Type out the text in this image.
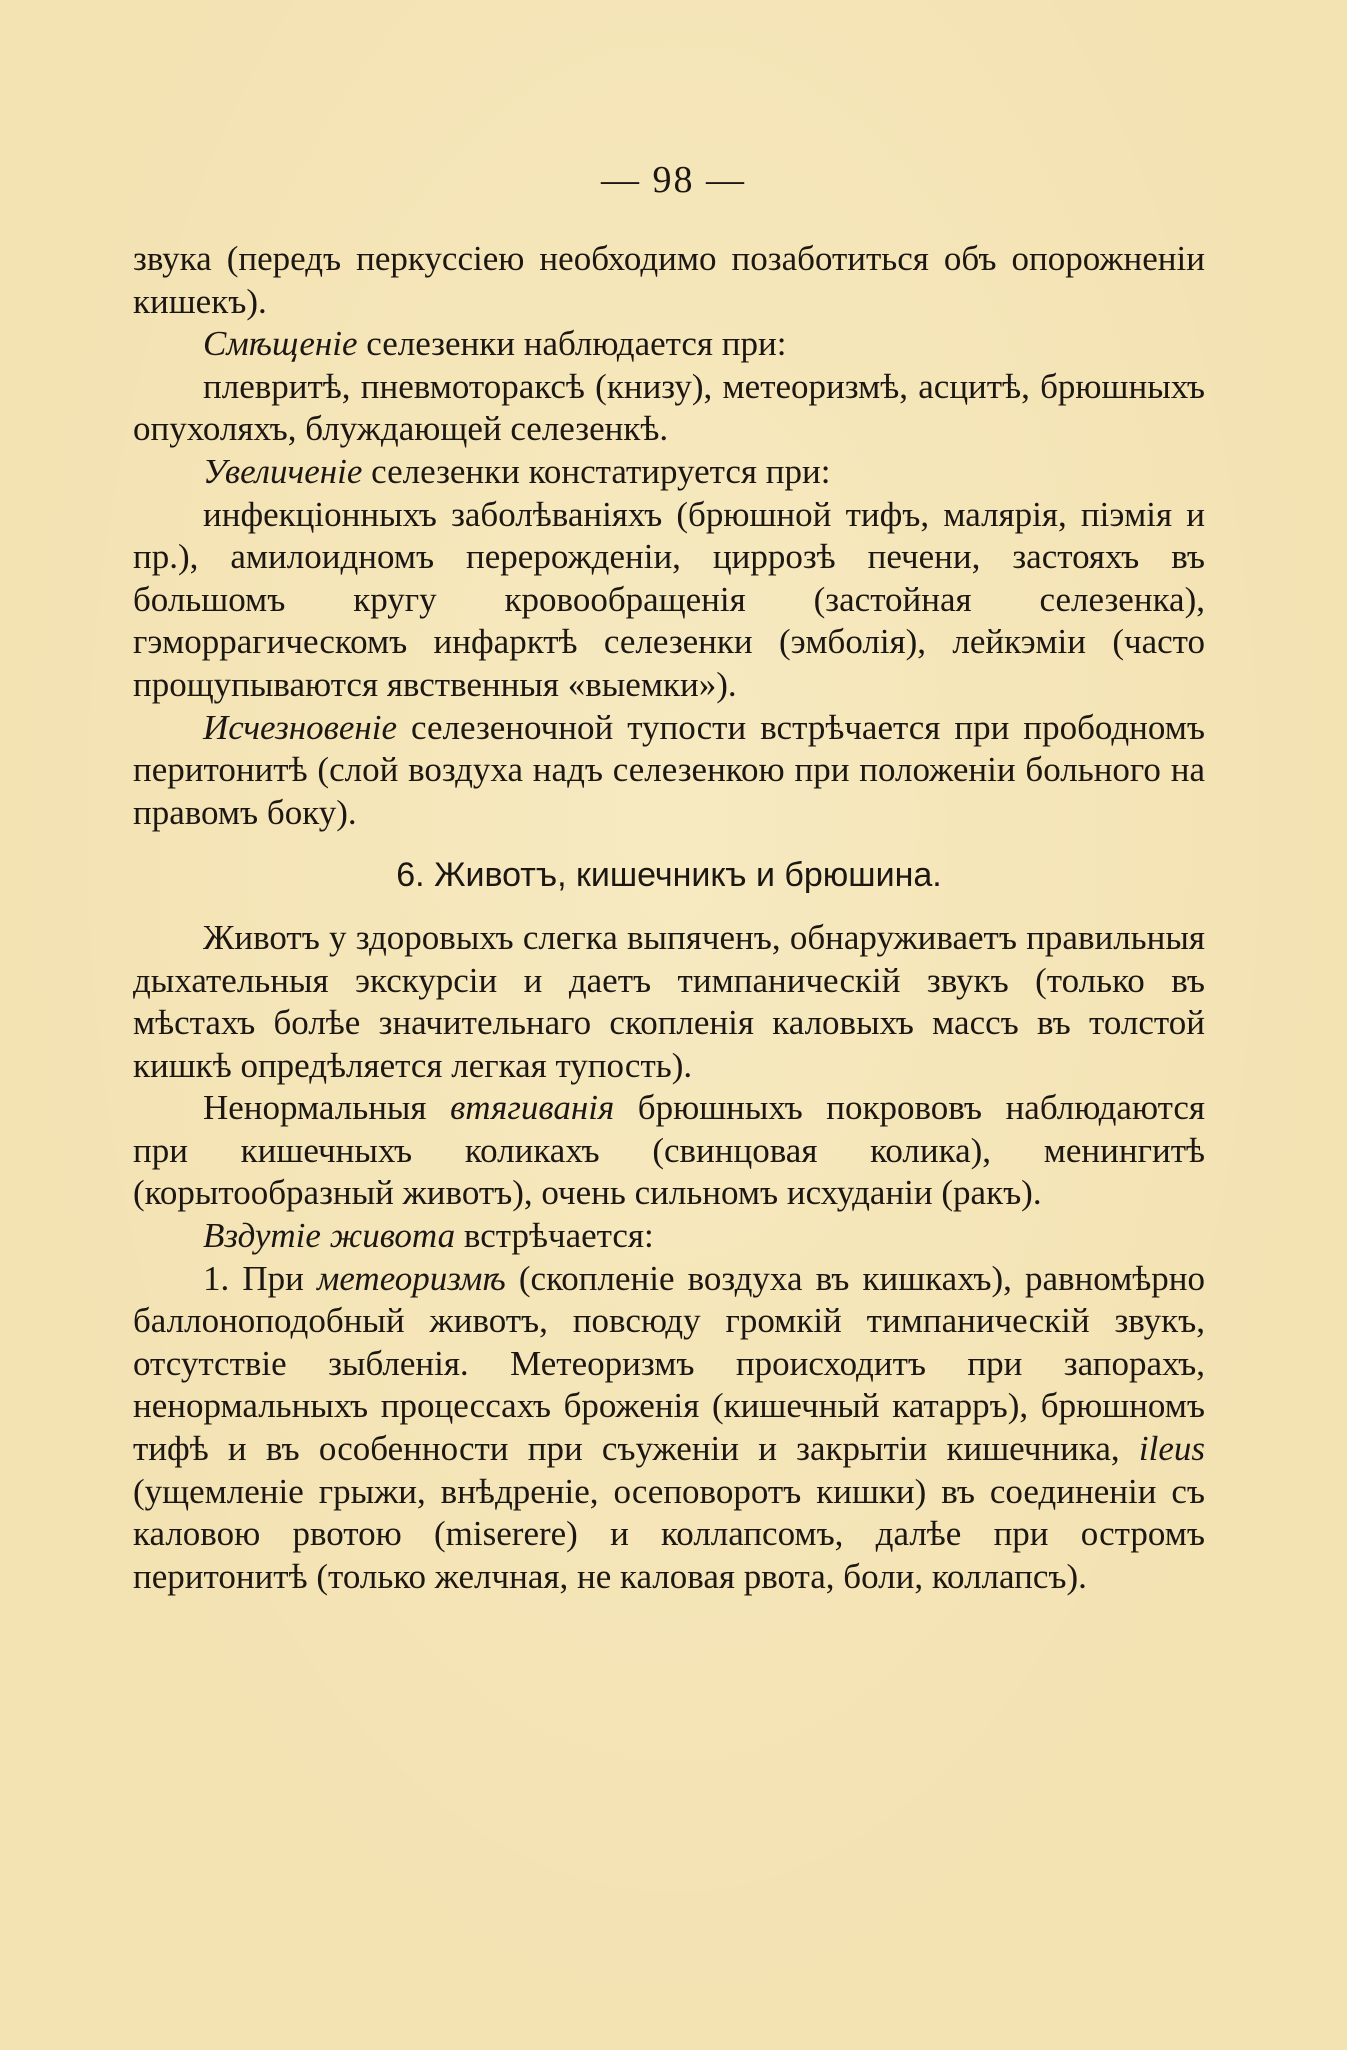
— 98 —

звука (передъ перкуссiею необходимо позаботиться объ опорожненiи кишекъ).

Смѣщенiе селезенки наблюдается при:

плевритѣ, пневмотораксѣ (книзу), метеоризмѣ, асцитѣ, брюшныхъ опухоляхъ, блуждающей селезенкѣ.

Увеличенiе селезенки констатируется при:

инфекцiонныхъ заболѣванiяхъ (брюшной тифъ, малярiя, пiэмiя и пр.), амилоидномъ перерожденiи, циррозѣ печени, застояхъ въ большомъ кругу кровообращенiя (застойная селезенка), гэморрагическомъ инфарктѣ селезенки (эмболiя), лейкэмiи (часто прощупываются явственныя «выемки»).

Исчезновенiе селезеночной тупости встрѣчается при прободномъ перитонитѣ (слой воздуха надъ селезенкою при положенiи больного на правомъ боку).

6. Животъ, кишечникъ и брюшина.

Животъ у здоровыхъ слегка выпяченъ, обнаруживаетъ правильныя дыхательныя экскурсiи и даетъ тимпаническiй звукъ (только въ мѣстахъ болѣе значительнаго скопленiя каловыхъ массъ въ толстой кишкѣ опредѣляется легкая тупость).

Ненормальныя втягиванiя брюшныхъ покрововъ наблюдаются при кишечныхъ коликахъ (свинцовая колика), менингитѣ (корытообразный животъ), очень сильномъ исхуданiи (ракъ).

Вздутiе живота встрѣчается:

1. При метеоризмѣ (скопленiе воздуха въ кишкахъ), равномѣрно баллоноподобный животъ, повсюду громкiй тимпаническiй звукъ, отсутствiе зыбленiя. Метеоризмъ происходитъ при запорахъ, ненормальныхъ процессахъ броженiя (кишечный катарръ), брюшномъ тифѣ и въ особенности при съуженiи и закрытiи кишечника, ileus (ущемленiе грыжи, внѣдренiе, осеповоротъ кишки) въ соединенiи съ каловою рвотою (miserere) и коллапсомъ, далѣе при остромъ перитонитѣ (только желчная, не каловая рвота, боли, коллапсъ).
